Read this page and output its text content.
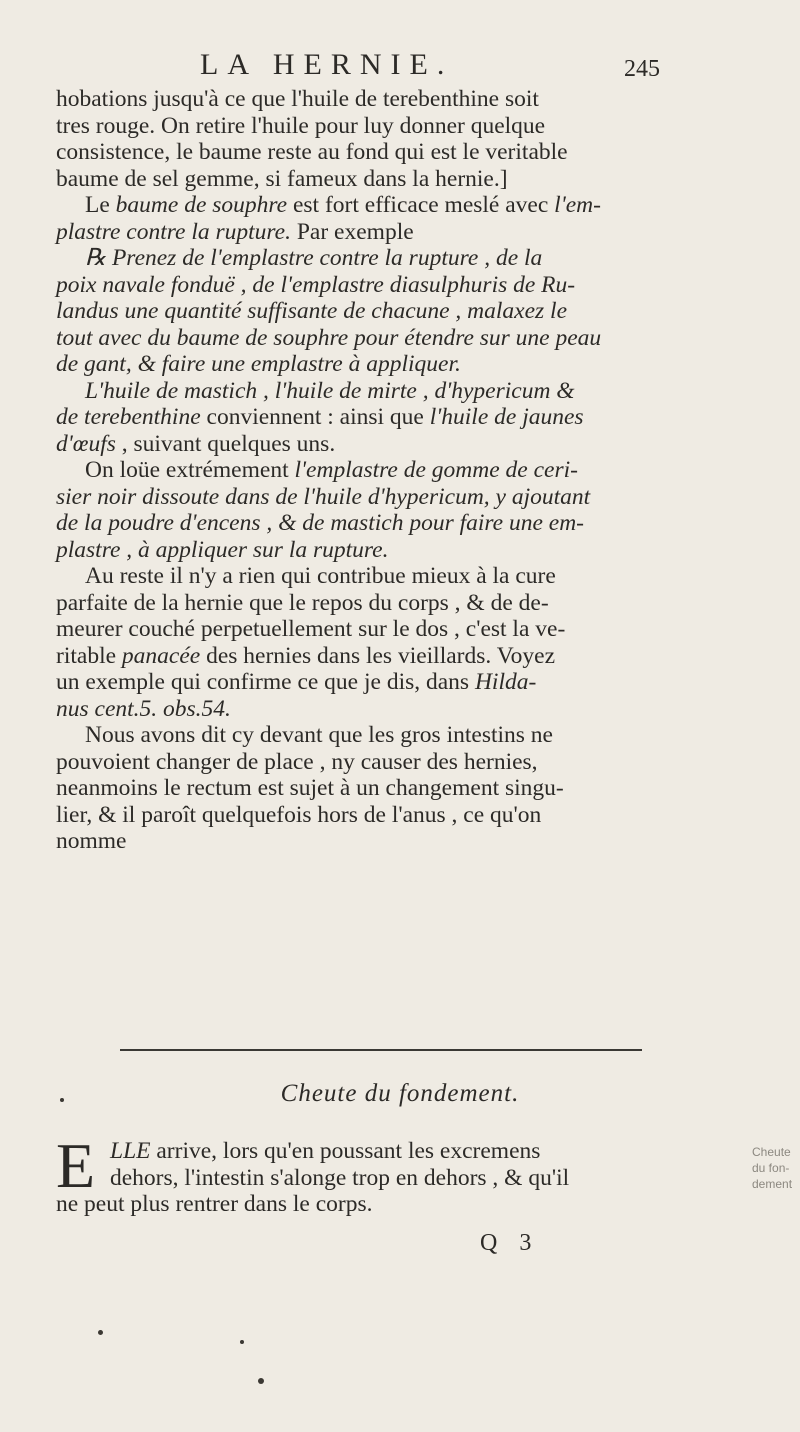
LA HERNIE.	245
hobations jusqu'à ce que l'huile de terebenthine soit
tres rouge. On retire l'huile pour luy donner quelque
consistence, le baume reste au fond qui est le veritable
baume de sel gemme, si fameux dans la hernie.]
Le baume de souphre est fort efficace meslé avec l'em-
plastre contre la rupture. Par exemple
℞ Prenez de l'emplastre contre la rupture , de la
poix navale fonduë , de l'emplastre diasulphuris de Ru-
landus une quantité suffisante de chacune , malaxez le
tout avec du baume de souphre pour étendre sur une peau
de gant, & faire une emplastre à appliquer.
L'huile de mastich , l'huile de mirte , d'hypericum &
de terebenthine conviennent : ainsi que l'huile de jaunes
d'œufs , suivant quelques uns.
On loüe extrémement l'emplastre de gomme de ceri-
sier noir dissoute dans de l'huile d'hypericum, y ajoutant
de la poudre d'encens , & de mastich pour faire une em-
plastre , à appliquer sur la rupture.
Au reste il n'y a rien qui contribue mieux à la cure
parfaite de la hernie que le repos du corps , & de de-
meurer couché perpetuellement sur le dos , c'est la ve-
ritable panacée des hernies dans les vieillards. Voyez
un exemple qui confirme ce que je dis, dans Hilda-
nus cent.5. obs.54.
Nous avons dit cy devant que les gros intestins ne
pouvoient changer de place , ny causer des hernies,
neanmoins le rectum est sujet à un changement singu-
lier, & il paroît quelquefois hors de l'anus , ce qu'on
nomme
Cheute du fondement.
E LLE arrive, lors qu'en poussant les excremens
dehors, l'intestin s'alonge trop en dehors , & qu'il
ne peut plus rentrer dans le corps.
Cheute
du fon-
dement
Q 3
